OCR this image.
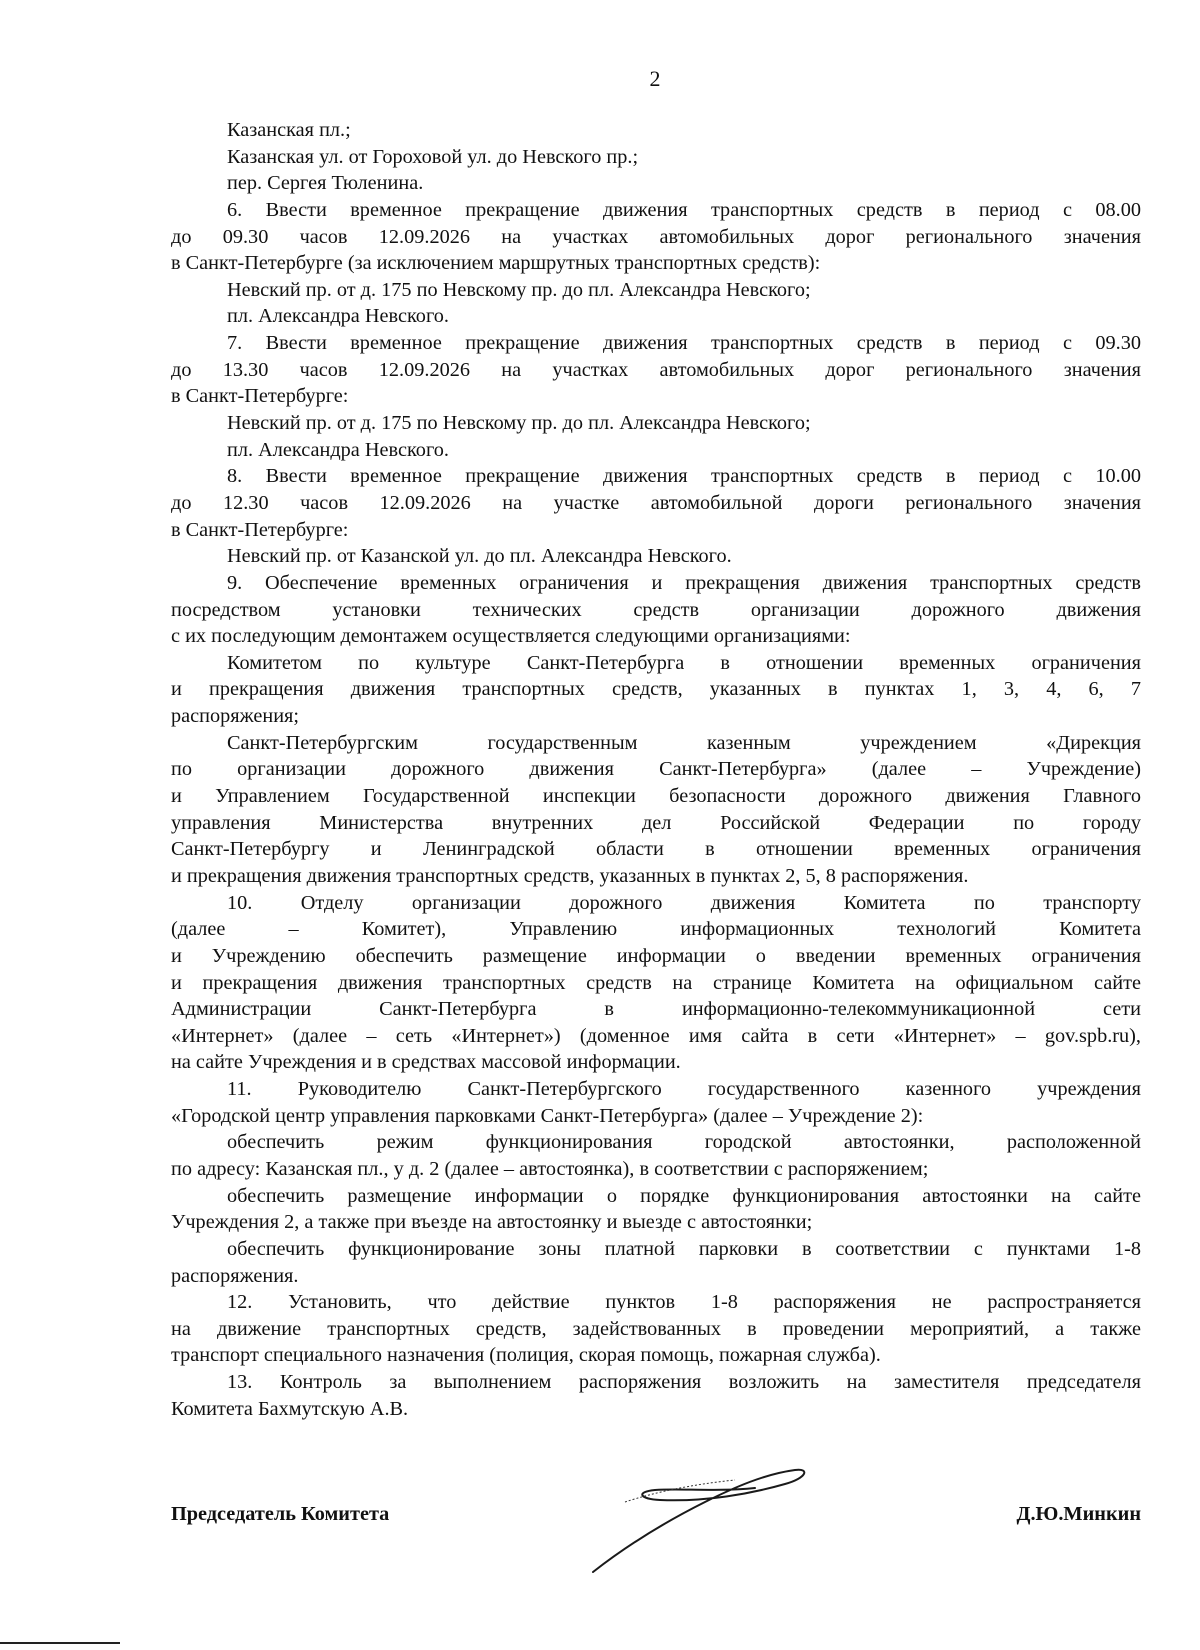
2
Казанская пл.;
Казанская ул. от Гороховой ул. до Невского пр.;
пер. Сергея Тюленина.
6. Ввести временное прекращение движения транспортных средств в период с 08.00
до 09.30 часов 12.09.2026 на участках автомобильных дорог регионального значения
в Санкт-Петербурге (за исключением маршрутных транспортных средств):
Невский пр. от д. 175 по Невскому пр. до пл. Александра Невского;
пл. Александра Невского.
7. Ввести временное прекращение движения транспортных средств в период с 09.30
до 13.30 часов 12.09.2026 на участках автомобильных дорог регионального значения
в Санкт-Петербурге:
Невский пр. от д. 175 по Невскому пр. до пл. Александра Невского;
пл. Александра Невского.
8. Ввести временное прекращение движения транспортных средств в период с 10.00
до 12.30 часов 12.09.2026 на участке автомобильной дороги регионального значения
в Санкт-Петербурге:
Невский пр. от Казанской ул. до пл. Александра Невского.
9. Обеспечение временных ограничения и прекращения движения транспортных средств
посредством установки технических средств организации дорожного движения
с их последующим демонтажем осуществляется следующими организациями:
Комитетом по культуре Санкт-Петербурга в отношении временных ограничения
и прекращения движения транспортных средств, указанных в пунктах 1, 3, 4, 6, 7
распоряжения;
Санкт-Петербургским государственным казенным учреждением «Дирекция
по организации дорожного движения Санкт-Петербурга» (далее – Учреждение)
и Управлением Государственной инспекции безопасности дорожного движения Главного
управления Министерства внутренних дел Российской Федерации по городу
Санкт-Петербургу и Ленинградской области в отношении временных ограничения
и прекращения движения транспортных средств, указанных в пунктах 2, 5, 8 распоряжения.
10. Отделу организации дорожного движения Комитета по транспорту
(далее – Комитет), Управлению информационных технологий Комитета
и Учреждению обеспечить размещение информации о введении временных ограничения
и прекращения движения транспортных средств на странице Комитета на официальном сайте
Администрации Санкт-Петербурга в информационно-телекоммуникационной сети
«Интернет» (далее – сеть «Интернет») (доменное имя сайта в сети «Интернет» – gov.spb.ru),
на сайте Учреждения и в средствах массовой информации.
11. Руководителю Санкт-Петербургского государственного казенного учреждения
«Городской центр управления парковками Санкт-Петербурга» (далее – Учреждение 2):
обеспечить режим функционирования городской автостоянки, расположенной
по адресу: Казанская пл., у д. 2 (далее – автостоянка), в соответствии с распоряжением;
обеспечить размещение информации о порядке функционирования автостоянки на сайте
Учреждения 2, а также при въезде на автостоянку и выезде с автостоянки;
обеспечить функционирование зоны платной парковки в соответствии с пунктами 1-8
распоряжения.
12. Установить, что действие пунктов 1-8 распоряжения не распространяется
на движение транспортных средств, задействованных в проведении мероприятий, а также
транспорт специального назначения (полиция, скорая помощь, пожарная служба).
13. Контроль за выполнением распоряжения возложить на заместителя председателя
Комитета Бахмутскую А.В.
Председатель Комитета	Д.Ю.Минкин
